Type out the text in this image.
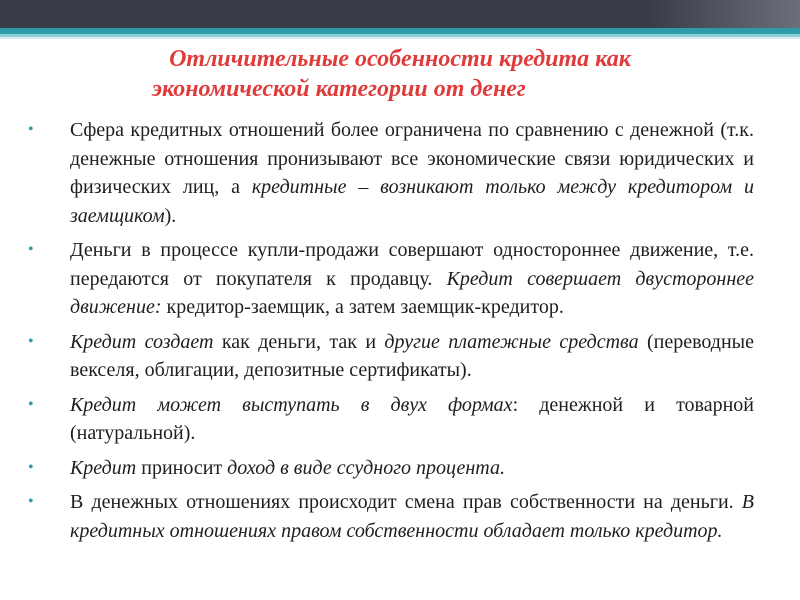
Отличительные особенности кредита как
экономической категории от денег
• Сфера кредитных отношений более ограничена по сравнению с денежной (т.к. денежные отношения пронизывают все экономические связи юридических и физических лиц, а кредитные – возникают только между кредитором и заемщиком).
• Деньги в процессе купли-продажи совершают одностороннее движение, т.е. передаются от покупателя к продавцу. Кредит совершает двустороннее движение: кредитор-заемщик, а затем заемщик-кредитор.
• Кредит создает как деньги, так и другие платежные средства (переводные векселя, облигации, депозитные сертификаты).
• Кредит может выступать в двух формах: денежной и товарной (натуральной).
• Кредит приносит доход в виде ссудного процента.
• В денежных отношениях происходит смена прав собственности на деньги. В кредитных отношениях правом собственности обладает только кредитор.
